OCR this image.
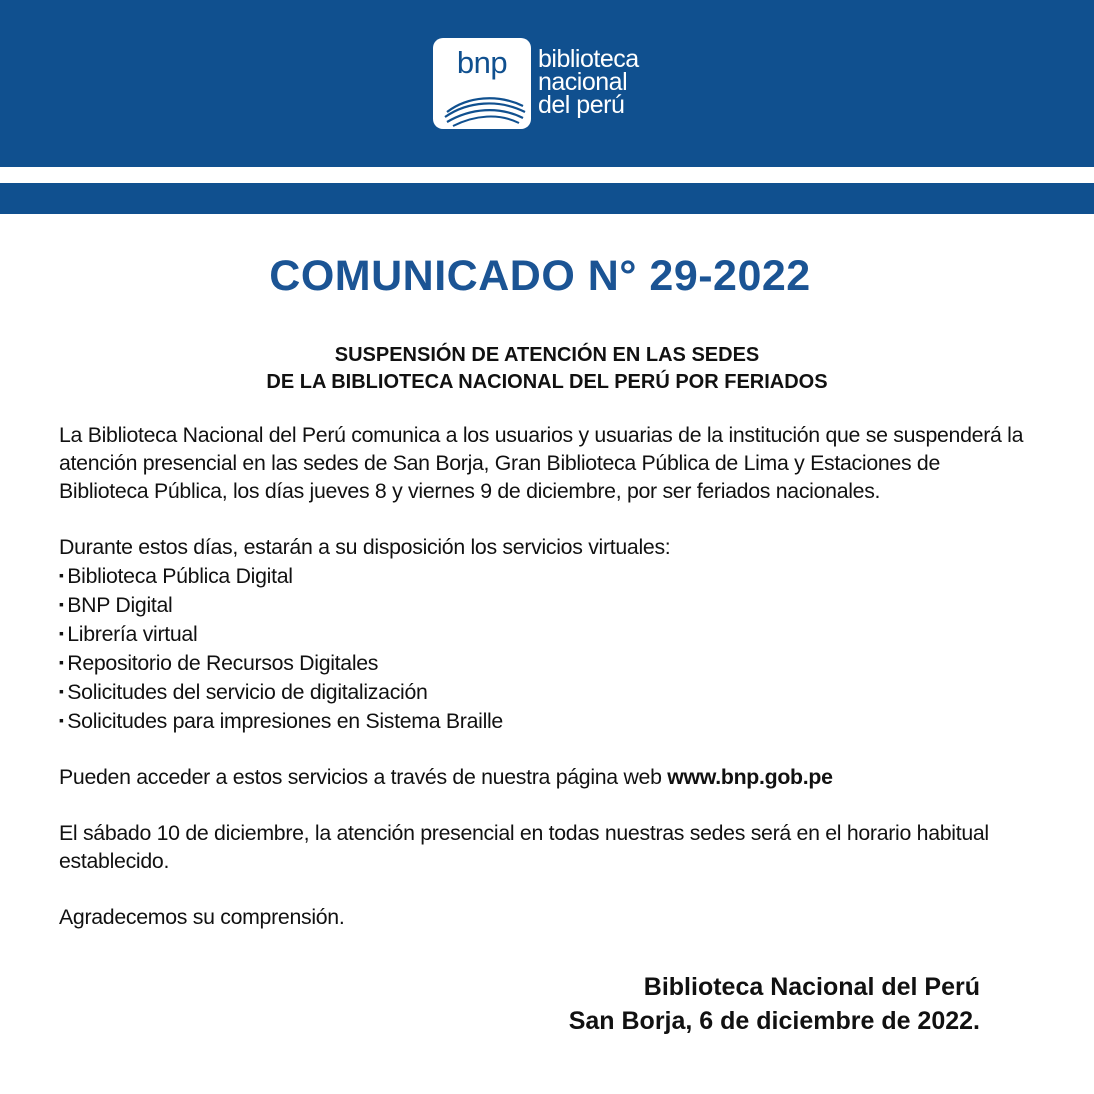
bnp	biblioteca
nacional
del perú
COMUNICADO N° 29-2022
SUSPENSIÓN DE ATENCIÓN EN LAS SEDES
DE LA BIBLIOTECA NACIONAL DEL PERÚ POR FERIADOS

La Biblioteca Nacional del Perú comunica a los usuarios y usuarias de la institución que se suspenderá la atención presencial en las sedes de San Borja, Gran Biblioteca Pública de Lima y Estaciones de Biblioteca Pública, los días jueves 8 y viernes 9 de diciembre, por ser feriados nacionales.

Durante estos días, estarán a su disposición los servicios virtuales:

▪ Biblioteca Pública Digital
▪ BNP Digital
▪ Librería virtual
▪ Repositorio de Recursos Digitales
▪ Solicitudes del servicio de digitalización
▪ Solicitudes para impresiones en Sistema Braille

Pueden acceder a estos servicios a través de nuestra página web www.bnp.gob.pe

El sábado 10 de diciembre, la atención presencial en todas nuestras sedes será en el horario habitual establecido.

Agradecemos su comprensión.

Biblioteca Nacional del Perú
San Borja, 6 de diciembre de 2022.
